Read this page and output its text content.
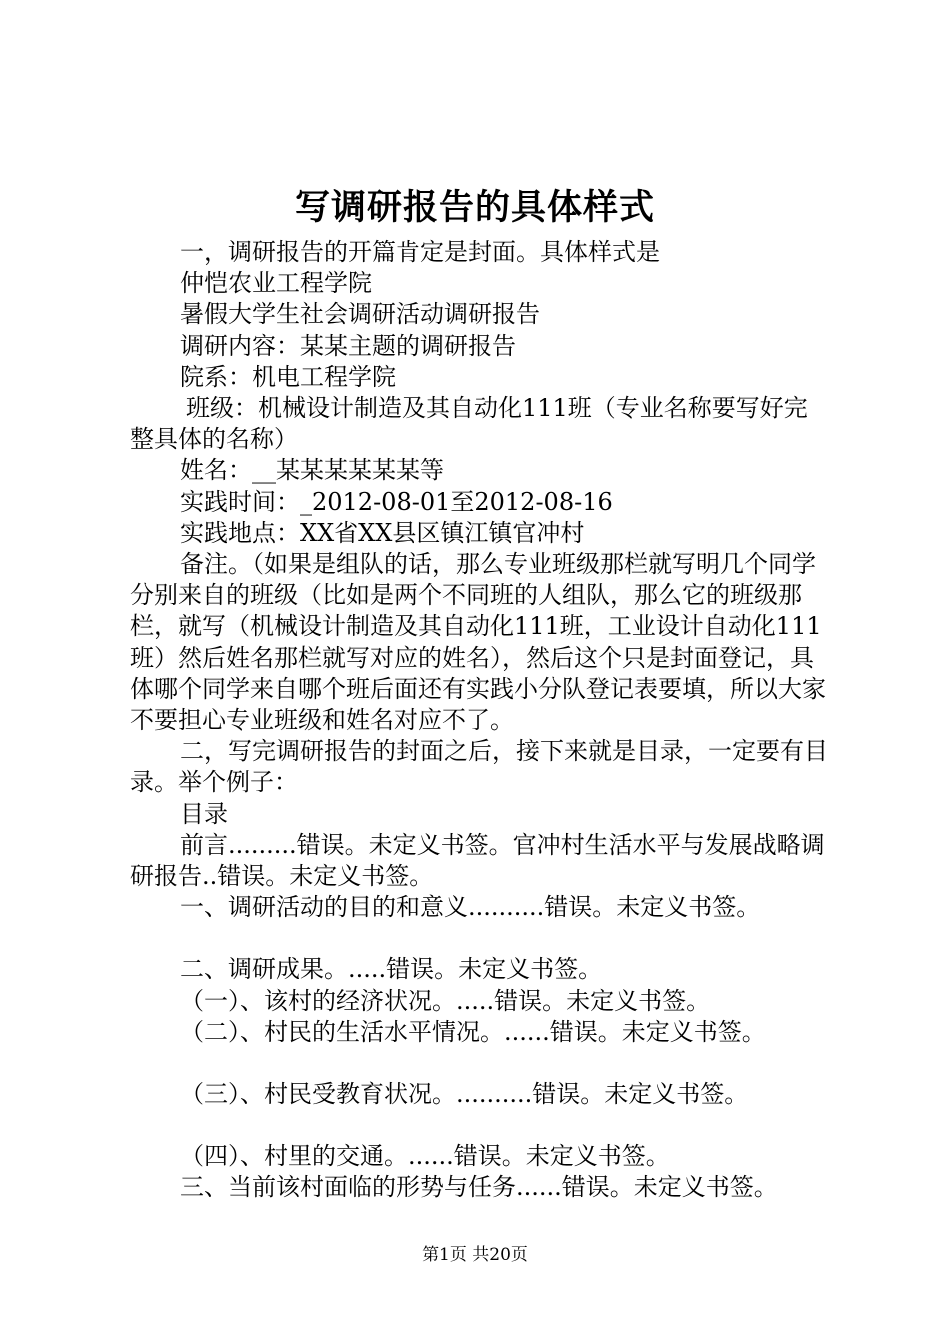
写调研报告的具体样式

一，调研报告的开篇肯定是封面。具体样式是

仲恺农业工程学院

暑假大学生社会调研活动调研报告

调研内容：某某主题的调研报告

院系：机电工程学院

班级：机械设计制造及其自动化111班（专业名称要写好完整具体的名称）

姓名：__某某某某某某等

实践时间：_2012-08-01至2012-08-16

实践地点：XX省XX县区镇江镇官冲村

备注。（如果是组队的话，那么专业班级那栏就写明几个同学分别来自的班级（比如是两个不同班的人组队，那么它的班级那栏，就写（机械设计制造及其自动化111班，工业设计自动化111班）然后姓名那栏就写对应的姓名），然后这个只是封面登记，具体哪个同学来自哪个班后面还有实践小分队登记表要填，所以大家不要担心专业班级和姓名对应不了。

二，写完调研报告的封面之后，接下来就是目录，一定要有目录。举个例子：

目录

前言.........错误。未定义书签。官冲村生活水平与发展战略调研报告..错误。未定义书签。

一、调研活动的目的和意义..........错误。未定义书签。

二、调研成果。.....错误。未定义书签。

（一）、该村的经济状况。.....错误。未定义书签。

（二）、村民的生活水平情况。......错误。未定义书签。

（三）、村民受教育状况。..........错误。未定义书签。

（四）、村里的交通。......错误。未定义书签。

三、当前该村面临的形势与任务......错误。未定义书签。

第1页 共20页
